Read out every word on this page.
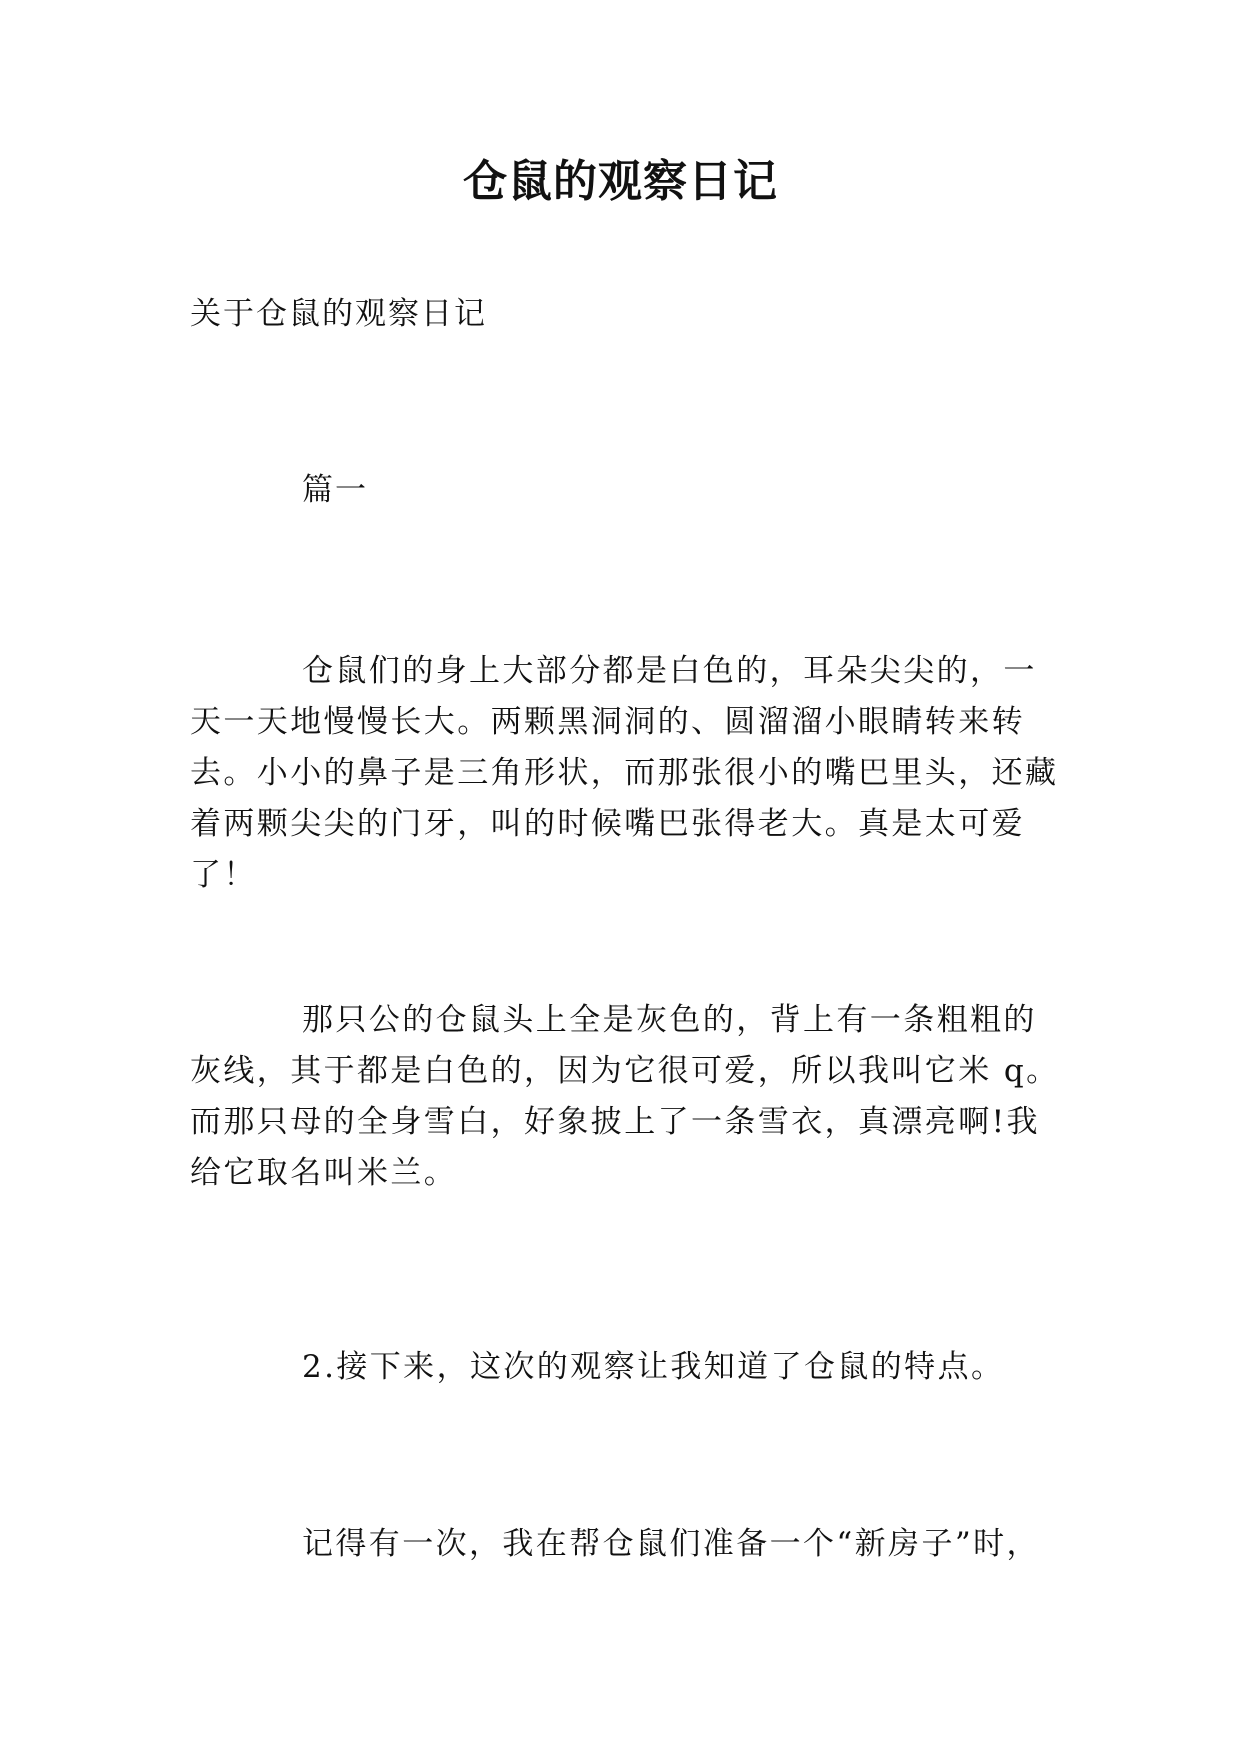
仓鼠的观察日记
关于仓鼠的观察日记
篇一

仓鼠们的身上大部分都是白色的，耳朵尖尖的，一天一天地慢慢长大。两颗黑洞洞的、圆溜溜小眼睛转来转去。小小的鼻子是三角形状，而那张很小的嘴巴里头，还藏着两颗尖尖的门牙，叫的时候嘴巴张得老大。真是太可爱了！

那只公的仓鼠头上全是灰色的，背上有一条粗粗的灰线，其于都是白色的，因为它很可爱，所以我叫它米 q。而那只母的全身雪白，好象披上了一条雪衣，真漂亮啊!我给它取名叫米兰。

2.接下来，这次的观察让我知道了仓鼠的特点。

记得有一次，我在帮仓鼠们准备一个“新房子”时，
